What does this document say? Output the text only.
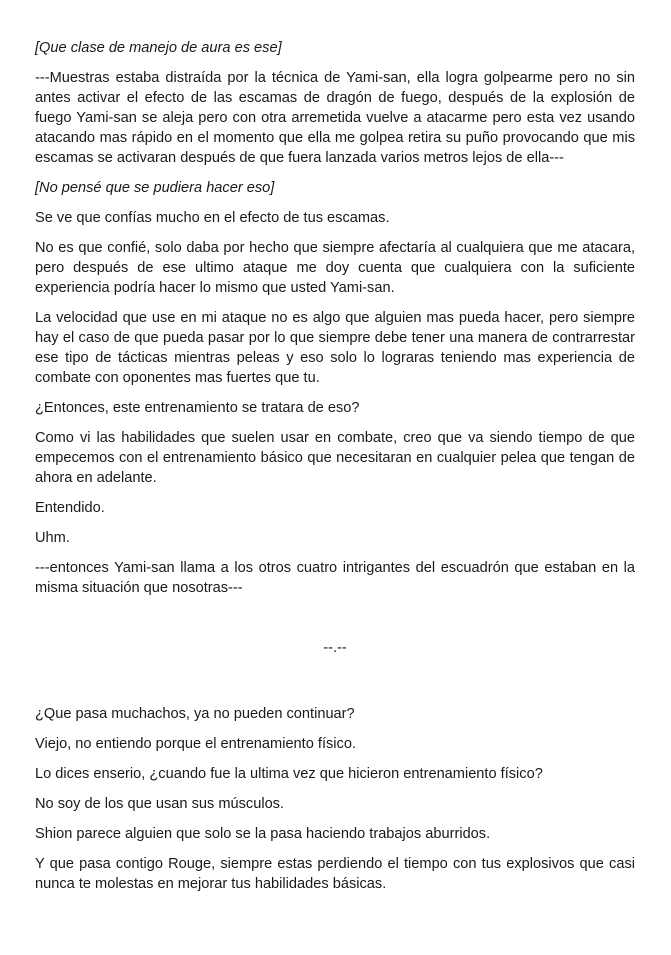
[Que clase de manejo de aura es ese]

---Muestras estaba distraída por la técnica de Yami-san, ella logra golpearme pero no sin antes activar el efecto de las escamas de dragón de fuego, después de la explosión de fuego Yami-san se aleja pero con otra arremetida vuelve a atacarme pero esta vez usando atacando mas rápido en el momento que ella me golpea retira su puño provocando que mis escamas se activaran después de que fuera lanzada varios metros lejos de ella---

[No pensé que se pudiera hacer eso]

Se ve que confías mucho en el efecto de tus escamas.

No es que confié, solo daba por hecho que siempre afectaría al cualquiera que me atacara, pero después de ese ultimo ataque me doy cuenta que cualquiera con la suficiente experiencia podría hacer lo mismo que usted Yami-san.

La velocidad que use en mi ataque no es algo que alguien mas pueda hacer, pero siempre hay el caso de que pueda pasar por lo que siempre debe tener una manera de contrarrestar ese tipo de tácticas mientras peleas y eso solo lo lograras teniendo mas experiencia de combate con oponentes mas fuertes que tu.

¿Entonces, este entrenamiento se tratara de eso?

Como vi las habilidades que suelen usar en combate, creo que va siendo tiempo de que empecemos con el entrenamiento básico que necesitaran en cualquier pelea que tengan de ahora en adelante.

Entendido.

Uhm.

---entonces Yami-san llama a los otros cuatro intrigantes del escuadrón que estaban en la misma situación que nosotras---

--.--

¿Que pasa muchachos, ya no pueden continuar?

Viejo, no entiendo porque el entrenamiento físico.

Lo dices enserio, ¿cuando fue la ultima vez que hicieron entrenamiento físico?

No soy de los que usan sus músculos.

Shion parece alguien que solo se la pasa haciendo trabajos aburridos.

Y que pasa contigo Rouge, siempre estas perdiendo el tiempo con tus explosivos que casi nunca te molestas en mejorar tus habilidades básicas.
